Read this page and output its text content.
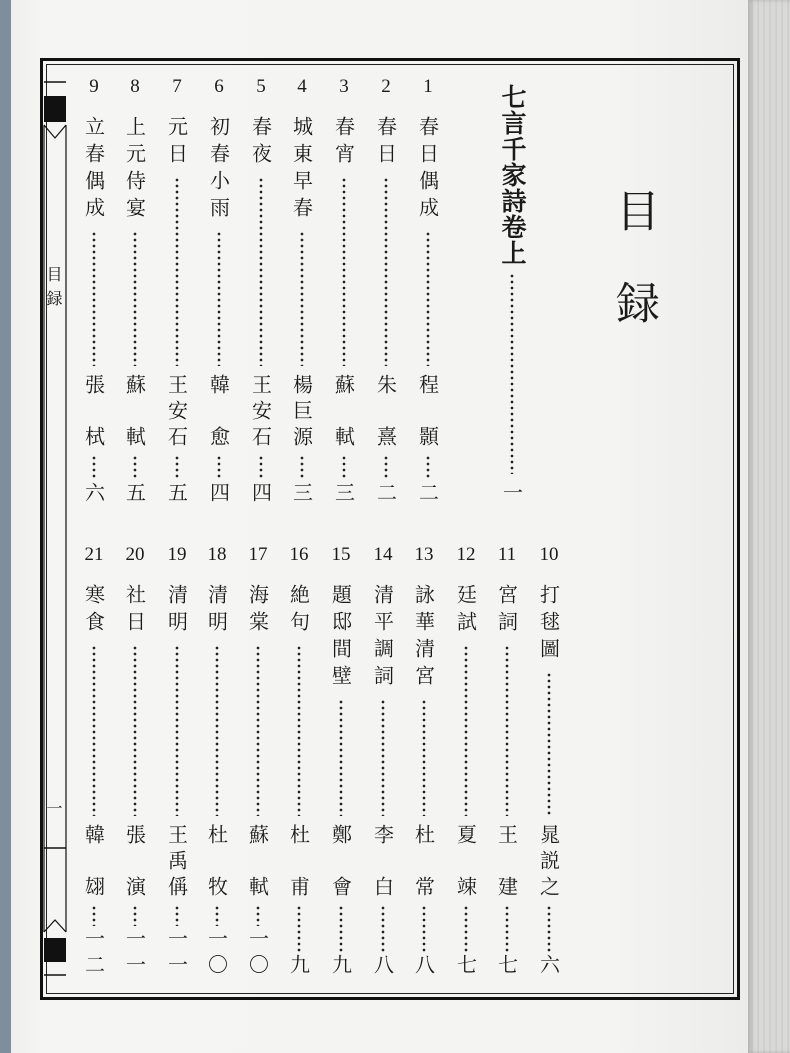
目録
一
目録
七言千家詩卷上
一
1
春日偶成
程　顥
二
2
春日
朱　熹
二
3
春宵
蘇　軾
三
4
城東早春
楊巨源
三
5
春夜
王安石
四
6
初春小雨
韓　愈
四
7
元日
王安石
五
8
上元侍宴
蘇　軾
五
9
立春偶成
張　栻
六
10
打毬圖
晁説之
六
11
宮詞
王　建
七
12
廷試
夏　竦
七
13
詠華清宮
杜　常
八
14
清平調詞
李　白
八
15
題邸間壁
鄭　會
九
16
絶句
杜　甫
九
17
海棠
蘇　軾
一〇
18
清明
杜　牧
一〇
19
清明
王禹偁
一一
20
社日
張　演
一一
21
寒食
韓　翃
一二
